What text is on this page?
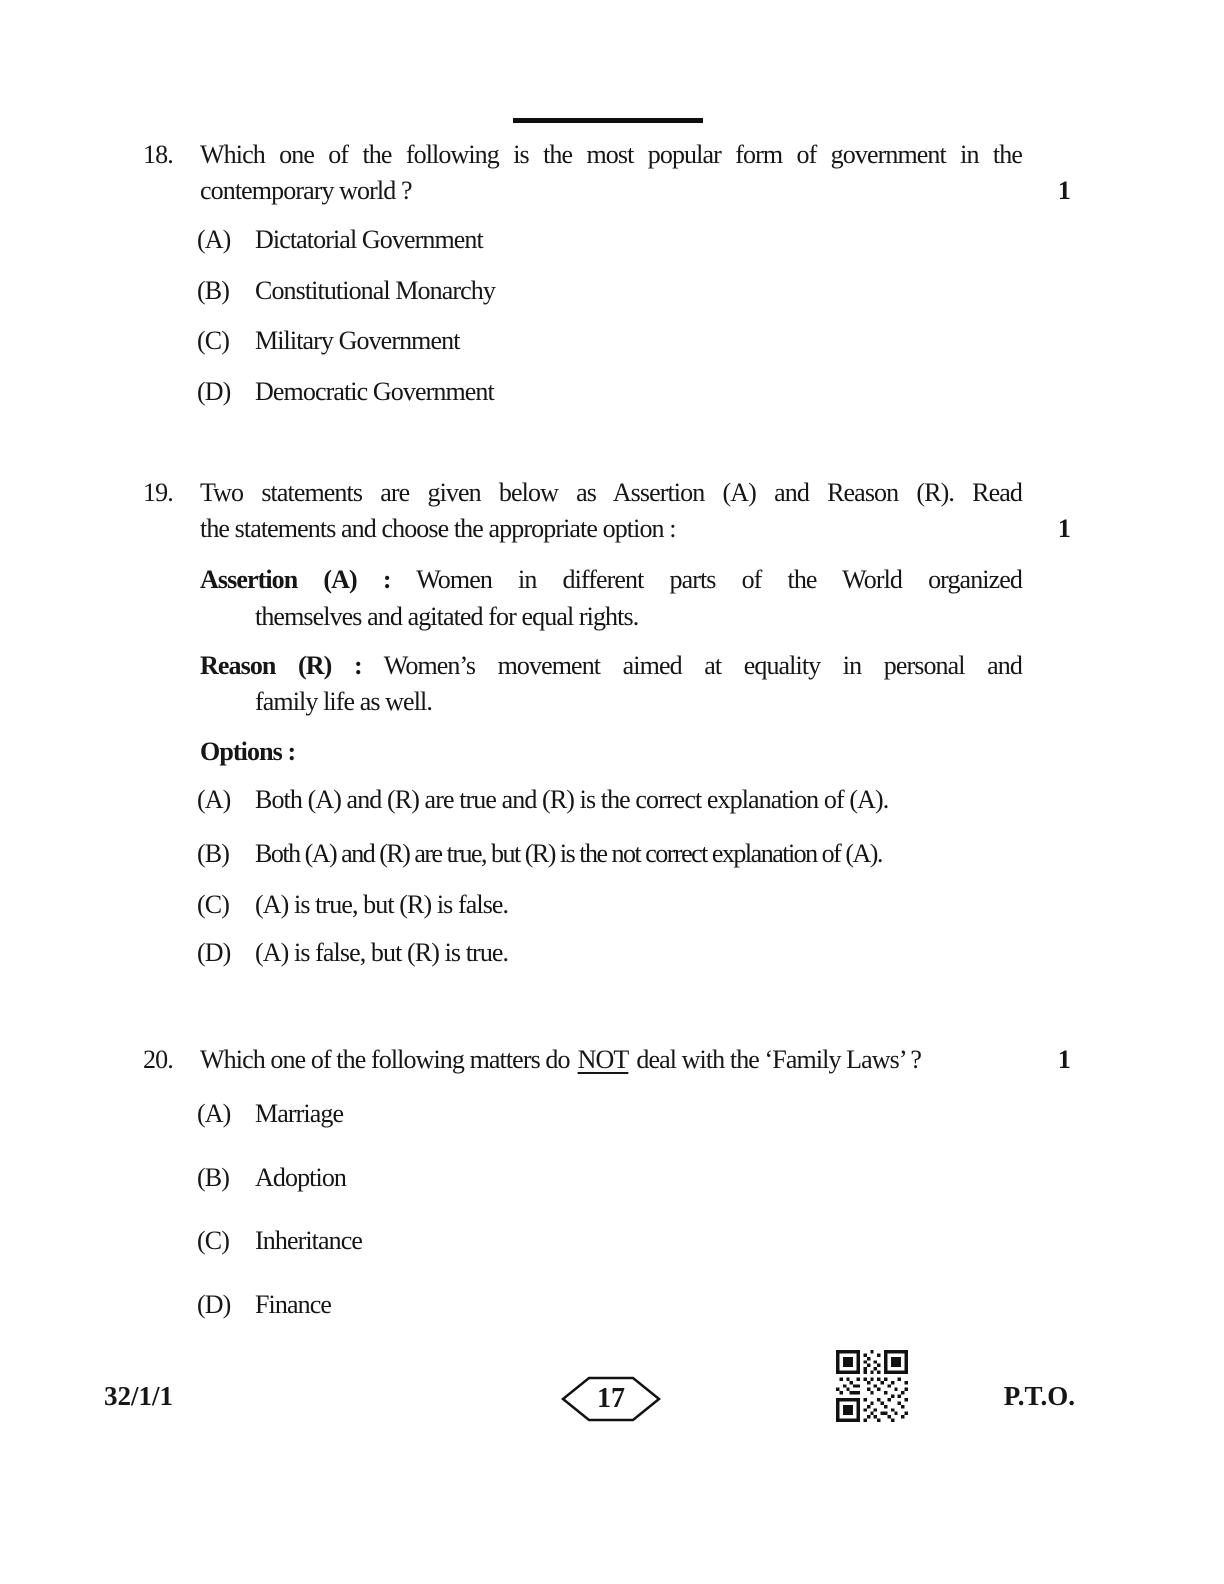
18. Which one of the following is the most popular form of government in the
contemporary world ?	1
(A) Dictatorial Government
(B) Constitutional Monarchy
(C) Military Government
(D) Democratic Government
19. Two statements are given below as Assertion (A) and Reason (R). Read
the statements and choose the appropriate option :	1
Assertion (A) : Women in different parts of the World organized
themselves and agitated for equal rights.
Reason (R) : Women’s movement aimed at equality in personal and
family life as well.
Options :
(A) Both (A) and (R) are true and (R) is the correct explanation of (A).
(B) Both (A) and (R) are true, but (R) is the not correct explanation of (A).
(C) (A) is true, but (R) is false.
(D) (A) is false, but (R) is true.
20. Which one of the following matters do NOT deal with the ‘Family Laws’ ?	1
(A) Marriage
(B) Adoption
(C) Inheritance
(D) Finance
32/1/1	17	P.T.O.
